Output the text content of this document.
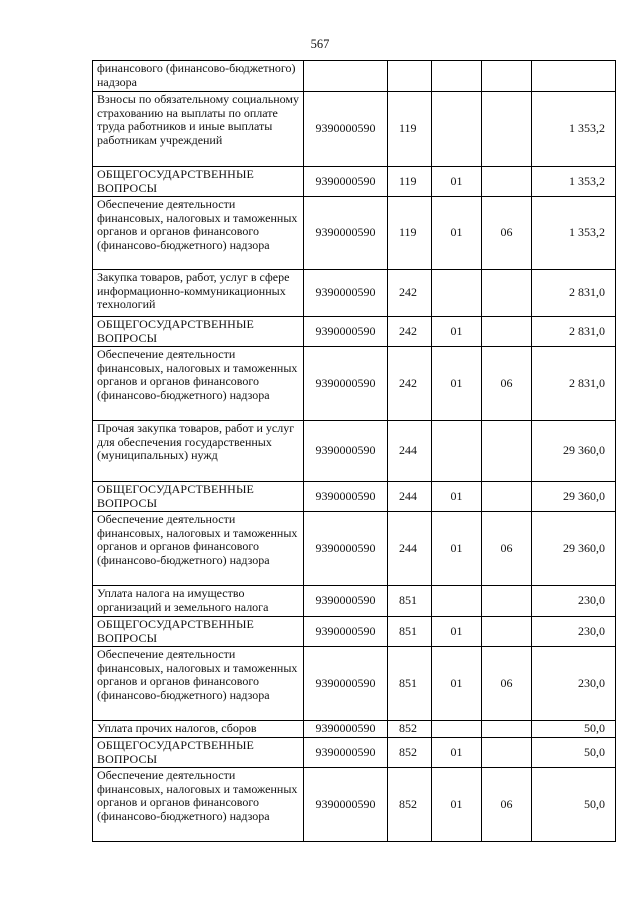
567
финансового (финансово-бюджетного) надзора					

Взносы по обязательному социальному страхованию на выплаты по оплате труда работников и иные выплаты работникам учреждений	9390000590	119			1 353,2

ОБЩЕГОСУДАРСТВЕННЫЕ ВОПРОСЫ	9390000590	119	01		1 353,2

Обеспечение деятельности финансовых, налоговых и таможенных органов и органов финансового (финансово-бюджетного) надзора	9390000590	119	01	06	1 353,2

Закупка товаров, работ, услуг в сфере информационно-коммуникационных технологий	9390000590	242			2 831,0

ОБЩЕГОСУДАРСТВЕННЫЕ ВОПРОСЫ	9390000590	242	01		2 831,0

Обеспечение деятельности финансовых, налоговых и таможенных органов и органов финансового (финансово-бюджетного) надзора	9390000590	242	01	06	2 831,0

Прочая закупка товаров, работ и услуг для обеспечения государственных (муниципальных) нужд	9390000590	244			29 360,0

ОБЩЕГОСУДАРСТВЕННЫЕ ВОПРОСЫ	9390000590	244	01		29 360,0

Обеспечение деятельности финансовых, налоговых и таможенных органов и органов финансового (финансово-бюджетного) надзора	9390000590	244	01	06	29 360,0

Уплата налога на имущество организаций и земельного налога	9390000590	851			230,0

ОБЩЕГОСУДАРСТВЕННЫЕ ВОПРОСЫ	9390000590	851	01		230,0

Обеспечение деятельности финансовых, налоговых и таможенных органов и органов финансового (финансово-бюджетного) надзора	9390000590	851	01	06	230,0

Уплата прочих налогов, сборов	9390000590	852			50,0

ОБЩЕГОСУДАРСТВЕННЫЕ ВОПРОСЫ	9390000590	852	01		50,0

Обеспечение деятельности финансовых, налоговых и таможенных органов и органов финансового (финансово-бюджетного) надзора	9390000590	852	01	06	50,0
